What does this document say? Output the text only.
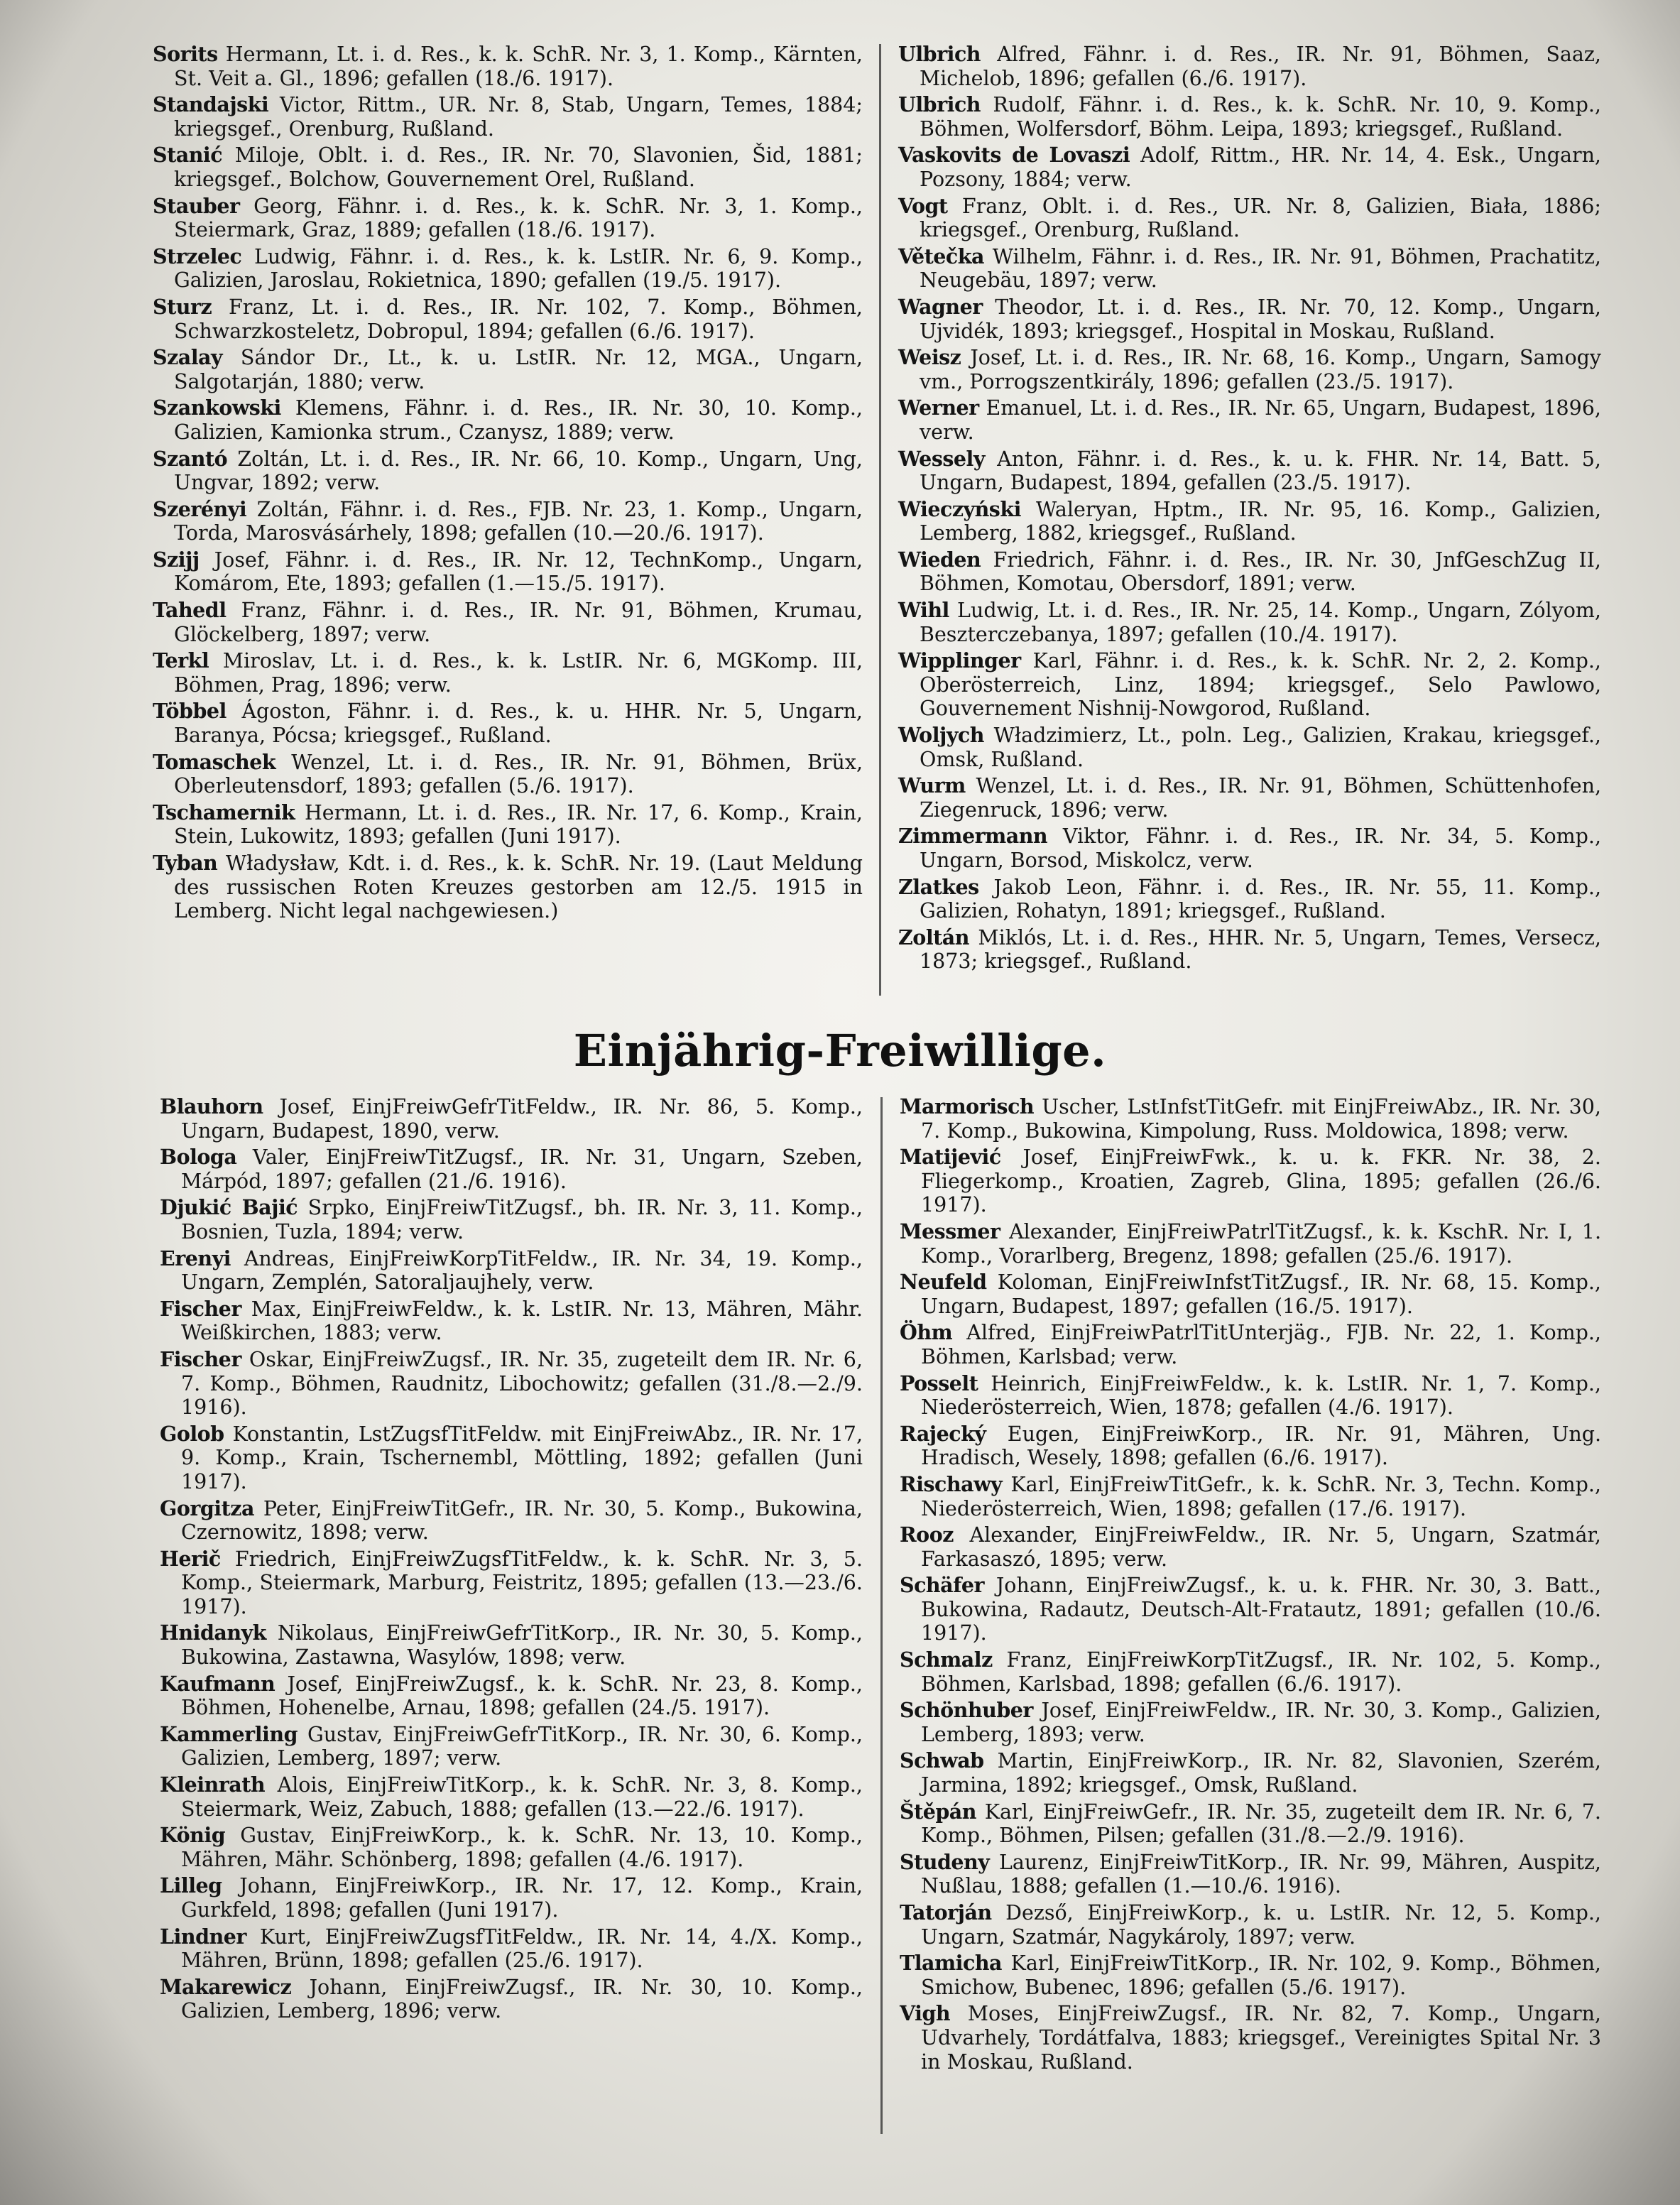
Sorits Hermann, Lt. i. d. Res., k. k. SchR. Nr. 3, 1. Komp., Kärnten, St. Veit a. Gl., 1896; gefallen (18./6. 1917).
Standajski Victor, Rittm., UR. Nr. 8, Stab, Ungarn, Temes, 1884; kriegsgef., Orenburg, Rußland.
Stanić Miloje, Oblt. i. d. Res., IR. Nr. 70, Slavonien, Šid, 1881; kriegsgef., Bolchow, Gouvernement Orel, Rußland.
Stauber Georg, Fähnr. i. d. Res., k. k. SchR. Nr. 3, 1. Komp., Steiermark, Graz, 1889; gefallen (18./6. 1917).
Strzelec Ludwig, Fähnr. i. d. Res., k. k. LstIR. Nr. 6, 9. Komp., Galizien, Jaroslau, Rokietnica, 1890; gefallen (19./5. 1917).
Sturz Franz, Lt. i. d. Res., IR. Nr. 102, 7. Komp., Böhmen, Schwarzkosteletz, Dobropul, 1894; gefallen (6./6. 1917).
Szalay Sándor Dr., Lt., k. u. LstIR. Nr. 12, MGA., Ungarn, Salgotarján, 1880; verw.
Szankowski Klemens, Fähnr. i. d. Res., IR. Nr. 30, 10. Komp., Galizien, Kamionka strum., Czanysz, 1889; verw.
Szantó Zoltán, Lt. i. d. Res., IR. Nr. 66, 10. Komp., Ungarn, Ung, Ungvar, 1892; verw.
Szerényi Zoltán, Fähnr. i. d. Res., FJB. Nr. 23, 1. Komp., Ungarn, Torda, Marosvásárhely, 1898; gefallen (10.—20./6. 1917).
Szijj Josef, Fähnr. i. d. Res., IR. Nr. 12, TechnKomp., Ungarn, Komárom, Ete, 1893; gefallen (1.—15./5. 1917).
Tahedl Franz, Fähnr. i. d. Res., IR. Nr. 91, Böhmen, Krumau, Glöckelberg, 1897; verw.
Terkl Miroslav, Lt. i. d. Res., k. k. LstIR. Nr. 6, MGKomp. III, Böhmen, Prag, 1896; verw.
Többel Ágoston, Fähnr. i. d. Res., k. u. HHR. Nr. 5, Ungarn, Baranya, Pócsa; kriegsgef., Rußland.
Tomaschek Wenzel, Lt. i. d. Res., IR. Nr. 91, Böhmen, Brüx, Oberleutensdorf, 1893; gefallen (5./6. 1917).
Tschamernik Hermann, Lt. i. d. Res., IR. Nr. 17, 6. Komp., Krain, Stein, Lukowitz, 1893; gefallen (Juni 1917).
Tyban Władysław, Kdt. i. d. Res., k. k. SchR. Nr. 19. (Laut Meldung des russischen Roten Kreuzes gestorben am 12./5. 1915 in Lemberg. Nicht legal nachgewiesen.)
Ulbrich Alfred, Fähnr. i. d. Res., IR. Nr. 91, Böhmen, Saaz, Michelob, 1896; gefallen (6./6. 1917).
Ulbrich Rudolf, Fähnr. i. d. Res., k. k. SchR. Nr. 10, 9. Komp., Böhmen, Wolfersdorf, Böhm. Leipa, 1893; kriegsgef., Rußland.
Vaskovits de Lovaszi Adolf, Rittm., HR. Nr. 14, 4. Esk., Ungarn, Pozsony, 1884; verw.
Vogt Franz, Oblt. i. d. Res., UR. Nr. 8, Galizien, Biała, 1886; kriegsgef., Orenburg, Rußland.
Větečka Wilhelm, Fähnr. i. d. Res., IR. Nr. 91, Böhmen, Prachatitz, Neugebäu, 1897; verw.
Wagner Theodor, Lt. i. d. Res., IR. Nr. 70, 12. Komp., Ungarn, Ujvidék, 1893; kriegsgef., Hospital in Moskau, Rußland.
Weisz Josef, Lt. i. d. Res., IR. Nr. 68, 16. Komp., Ungarn, Samogy vm., Porrogszentkirály, 1896; gefallen (23./5. 1917).
Werner Emanuel, Lt. i. d. Res., IR. Nr. 65, Ungarn, Budapest, 1896, verw.
Wessely Anton, Fähnr. i. d. Res., k. u. k. FHR. Nr. 14, Batt. 5, Ungarn, Budapest, 1894, gefallen (23./5. 1917).
Wieczyński Waleryan, Hptm., IR. Nr. 95, 16. Komp., Galizien, Lemberg, 1882, kriegsgef., Rußland.
Wieden Friedrich, Fähnr. i. d. Res., IR. Nr. 30, JnfGeschZug II, Böhmen, Komotau, Obersdorf, 1891; verw.
Wihl Ludwig, Lt. i. d. Res., IR. Nr. 25, 14. Komp., Ungarn, Zólyom, Beszterczebanya, 1897; gefallen (10./4. 1917).
Wipplinger Karl, Fähnr. i. d. Res., k. k. SchR. Nr. 2, 2. Komp., Oberösterreich, Linz, 1894; kriegsgef., Selo Pawlowo, Gouvernement Nishnij-Nowgorod, Rußland.
Woljych Władzimierz, Lt., poln. Leg., Galizien, Krakau, kriegsgef., Omsk, Rußland.
Wurm Wenzel, Lt. i. d. Res., IR. Nr. 91, Böhmen, Schüttenhofen, Ziegenruck, 1896; verw.
Zimmermann Viktor, Fähnr. i. d. Res., IR. Nr. 34, 5. Komp., Ungarn, Borsod, Miskolcz, verw.
Zlatkes Jakob Leon, Fähnr. i. d. Res., IR. Nr. 55, 11. Komp., Galizien, Rohatyn, 1891; kriegsgef., Rußland.
Zoltán Miklós, Lt. i. d. Res., HHR. Nr. 5, Ungarn, Temes, Versecz, 1873; kriegsgef., Rußland.
Einjährig-Freiwillige.
Blauhorn Josef, EinjFreiwGefrTitFeldw., IR. Nr. 86, 5. Komp., Ungarn, Budapest, 1890, verw.
Bologa Valer, EinjFreiwTitZugsf., IR. Nr. 31, Ungarn, Szeben, Márpód, 1897; gefallen (21./6. 1916).
Djukić Bajić Srpko, EinjFreiwTitZugsf., bh. IR. Nr. 3, 11. Komp., Bosnien, Tuzla, 1894; verw.
Erenyi Andreas, EinjFreiwKorpTitFeldw., IR. Nr. 34, 19. Komp., Ungarn, Zemplén, Satoraljaujhely, verw.
Fischer Max, EinjFreiwFeldw., k. k. LstIR. Nr. 13, Mähren, Mähr. Weißkirchen, 1883; verw.
Fischer Oskar, EinjFreiwZugsf., IR. Nr. 35, zugeteilt dem IR. Nr. 6, 7. Komp., Böhmen, Raudnitz, Libochowitz; gefallen (31./8.—2./9. 1916).
Golob Konstantin, LstZugsfTitFeldw. mit EinjFreiwAbz., IR. Nr. 17, 9. Komp., Krain, Tschernembl, Möttling, 1892; gefallen (Juni 1917).
Gorgitza Peter, EinjFreiwTitGefr., IR. Nr. 30, 5. Komp., Bukowina, Czernowitz, 1898; verw.
Herič Friedrich, EinjFreiwZugsfTitFeldw., k. k. SchR. Nr. 3, 5. Komp., Steiermark, Marburg, Feistritz, 1895; gefallen (13.—23./6. 1917).
Hnidanyk Nikolaus, EinjFreiwGefrTitKorp., IR. Nr. 30, 5. Komp., Bukowina, Zastawna, Wasylów, 1898; verw.
Kaufmann Josef, EinjFreiwZugsf., k. k. SchR. Nr. 23, 8. Komp., Böhmen, Hohenelbe, Arnau, 1898; gefallen (24./5. 1917).
Kammerling Gustav, EinjFreiwGefrTitKorp., IR. Nr. 30, 6. Komp., Galizien, Lemberg, 1897; verw.
Kleinrath Alois, EinjFreiwTitKorp., k. k. SchR. Nr. 3, 8. Komp., Steiermark, Weiz, Zabuch, 1888; gefallen (13.—22./6. 1917).
König Gustav, EinjFreiwKorp., k. k. SchR. Nr. 13, 10. Komp., Mähren, Mähr. Schönberg, 1898; gefallen (4./6. 1917).
Lilleg Johann, EinjFreiwKorp., IR. Nr. 17, 12. Komp., Krain, Gurkfeld, 1898; gefallen (Juni 1917).
Lindner Kurt, EinjFreiwZugsfTitFeldw., IR. Nr. 14, 4./X. Komp., Mähren, Brünn, 1898; gefallen (25./6. 1917).
Makarewicz Johann, EinjFreiwZugsf., IR. Nr. 30, 10. Komp., Galizien, Lemberg, 1896; verw.
Marmorisch Uscher, LstInfstTitGefr. mit EinjFreiwAbz., IR. Nr. 30, 7. Komp., Bukowina, Kimpolung, Russ. Moldowica, 1898; verw.
Matijević Josef, EinjFreiwFwk., k. u. k. FKR. Nr. 38, 2. Fliegerkomp., Kroatien, Zagreb, Glina, 1895; gefallen (26./6. 1917).
Messmer Alexander, EinjFreiwPatrlTitZugsf., k. k. KschR. Nr. I, 1. Komp., Vorarlberg, Bregenz, 1898; gefallen (25./6. 1917).
Neufeld Koloman, EinjFreiwInfstTitZugsf., IR. Nr. 68, 15. Komp., Ungarn, Budapest, 1897; gefallen (16./5. 1917).
Öhm Alfred, EinjFreiwPatrlTitUnterjäg., FJB. Nr. 22, 1. Komp., Böhmen, Karlsbad; verw.
Posselt Heinrich, EinjFreiwFeldw., k. k. LstIR. Nr. 1, 7. Komp., Niederösterreich, Wien, 1878; gefallen (4./6. 1917).
Rajecký Eugen, EinjFreiwKorp., IR. Nr. 91, Mähren, Ung. Hradisch, Wesely, 1898; gefallen (6./6. 1917).
Rischawy Karl, EinjFreiwTitGefr., k. k. SchR. Nr. 3, Techn. Komp., Niederösterreich, Wien, 1898; gefallen (17./6. 1917).
Rooz Alexander, EinjFreiwFeldw., IR. Nr. 5, Ungarn, Szatmár, Farkasaszó, 1895; verw.
Schäfer Johann, EinjFreiwZugsf., k. u. k. FHR. Nr. 30, 3. Batt., Bukowina, Radautz, Deutsch-Alt-Fratautz, 1891; gefallen (10./6. 1917).
Schmalz Franz, EinjFreiwKorpTitZugsf., IR. Nr. 102, 5. Komp., Böhmen, Karlsbad, 1898; gefallen (6./6. 1917).
Schönhuber Josef, EinjFreiwFeldw., IR. Nr. 30, 3. Komp., Galizien, Lemberg, 1893; verw.
Schwab Martin, EinjFreiwKorp., IR. Nr. 82, Slavonien, Szerém, Jarmina, 1892; kriegsgef., Omsk, Rußland.
Štěpán Karl, EinjFreiwGefr., IR. Nr. 35, zugeteilt dem IR. Nr. 6, 7. Komp., Böhmen, Pilsen; gefallen (31./8.—2./9. 1916).
Studeny Laurenz, EinjFreiwTitKorp., IR. Nr. 99, Mähren, Auspitz, Nußlau, 1888; gefallen (1.—10./6. 1916).
Tatorján Dezső, EinjFreiwKorp., k. u. LstIR. Nr. 12, 5. Komp., Ungarn, Szatmár, Nagykároly, 1897; verw.
Tlamicha Karl, EinjFreiwTitKorp., IR. Nr. 102, 9. Komp., Böhmen, Smichow, Bubenec, 1896; gefallen (5./6. 1917).
Vigh Moses, EinjFreiwZugsf., IR. Nr. 82, 7. Komp., Ungarn, Udvarhely, Tordátfalva, 1883; kriegsgef., Vereinigtes Spital Nr. 3 in Moskau, Rußland.
